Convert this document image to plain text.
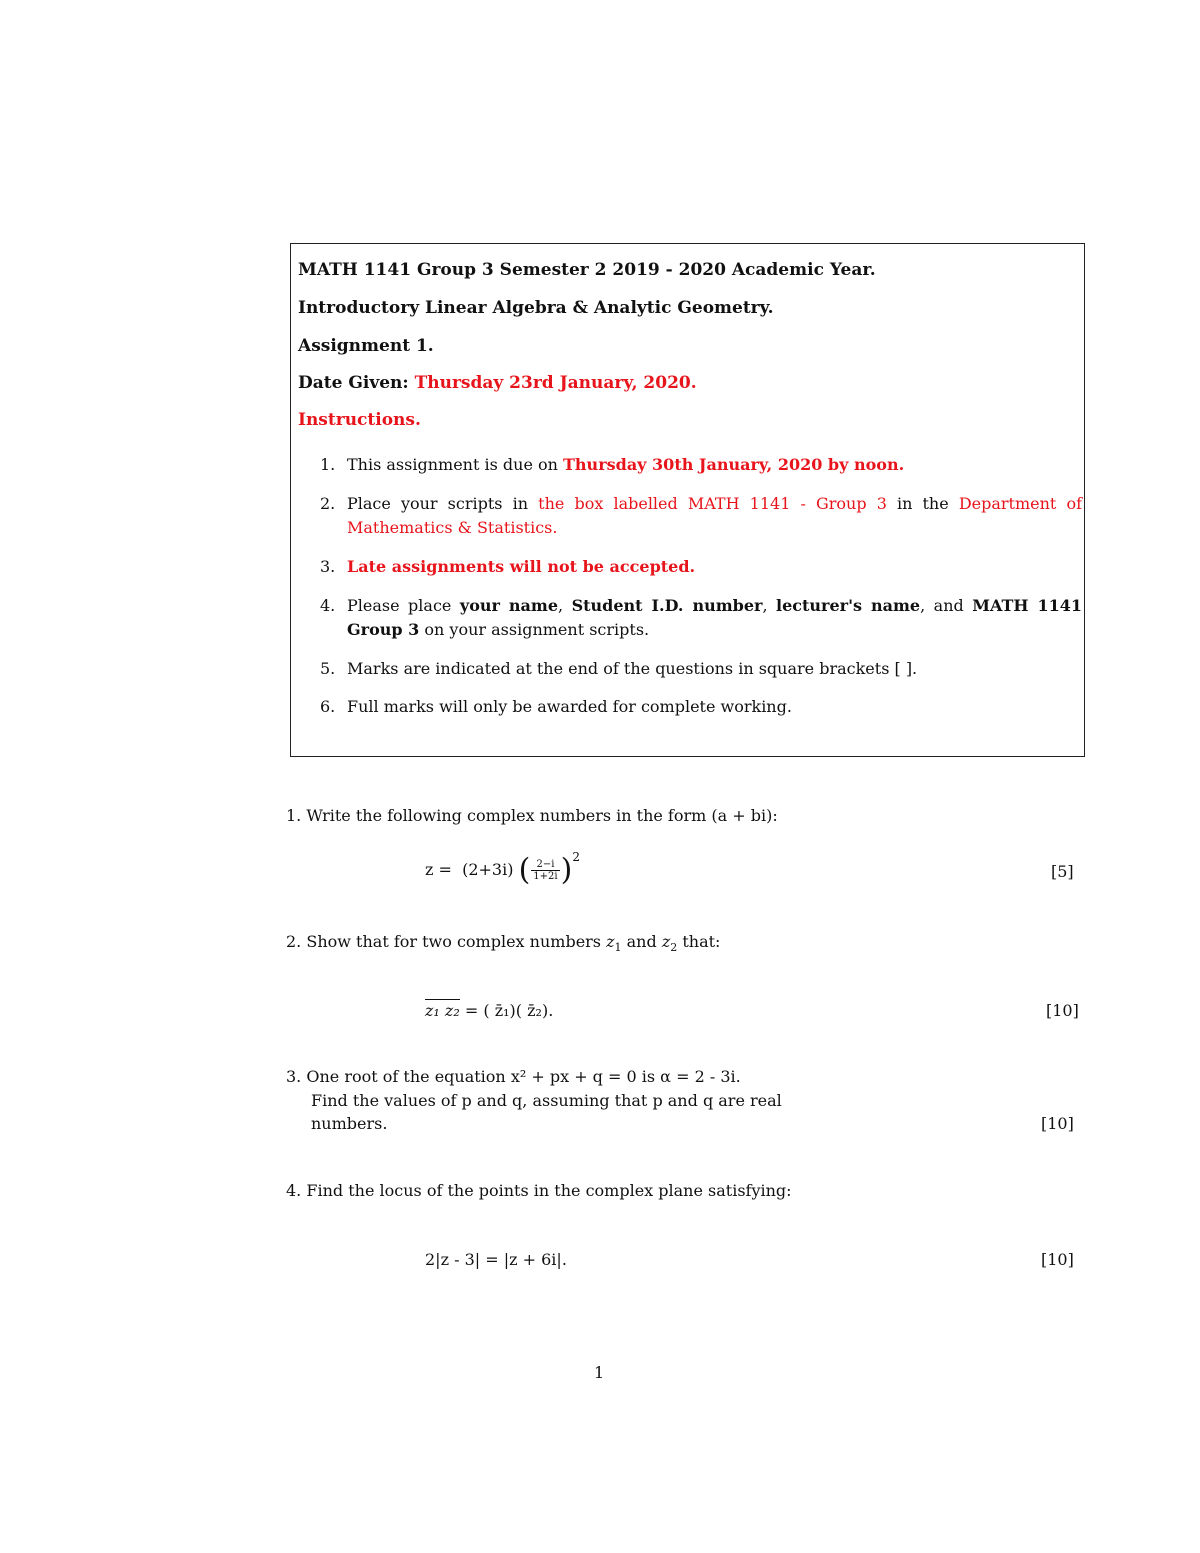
MATH 1141 Group 3 Semester 2 2019 - 2020 Academic Year.
Introductory Linear Algebra & Analytic Geometry.
Assignment 1.
Date Given: Thursday 23rd January, 2020.
Instructions.
1. This assignment is due on Thursday 30th January, 2020 by noon.
2. Place your scripts in the box labelled MATH 1141 - Group 3 in the Department of Mathematics & Statistics.
3. Late assignments will not be accepted.
4. Please place your name, Student I.D. number, lecturer's name, and MATH 1141 Group 3 on your assignment scripts.
5. Marks are indicated at the end of the questions in square brackets [ ].
6. Full marks will only be awarded for complete working.
1. Write the following complex numbers in the form (a + bi):
z = (2+3i) ( $\frac{2-i}{1+2i} )^2$
[5]
2. Show that for two complex numbers $z_1$ and $z_2$ that:
z₁ z₂ = ( z̄₁)( z̄₂).	[10]
3. One root of the equation x² + px + q = 0 is α = 2 - 3i.
Find the values of p and q, assuming that p and q are real
numbers.	[10]
4. Find the locus of the points in the complex plane satisfying:
2|z - 3| = |z + 6i|.	[10]
1
